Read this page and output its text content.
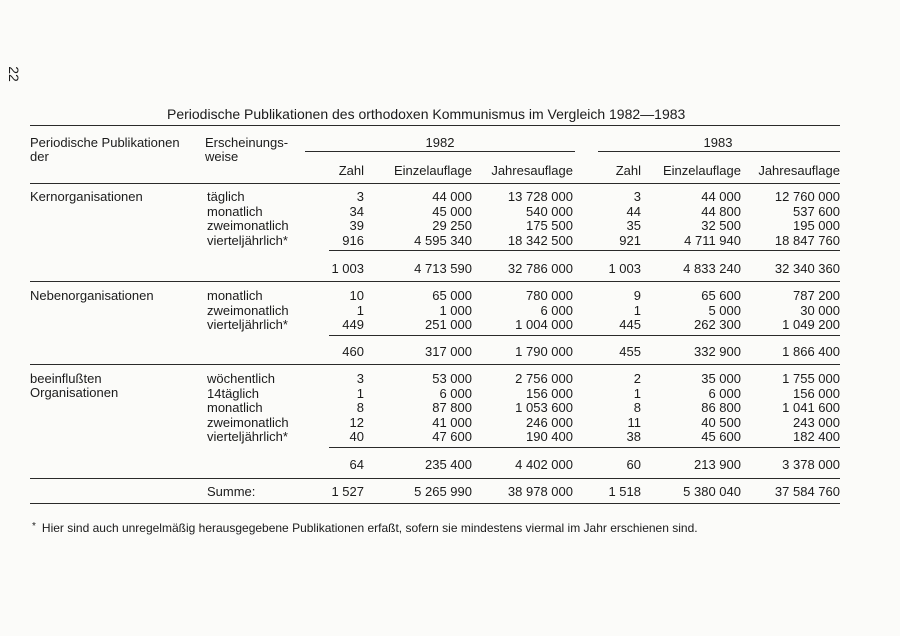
22
Periodische Publikationen des orthodoxen Kommunismus im Vergleich 1982—1983
Periodische Publikationen
der
Erscheinungs-
weise
1982	1983
Zahl Einzelauflage Jahresauflage	Zahl Einzelauflage Jahresauflage
Kernorganisationen	täglich	3	44 000	13 728 000	3	44 000	12 760 000
monatlich	34	45 000	540 000	44	44 800	537 600
zweimonatlich	39	29 250	175 500	35	32 500	195 000
vierteljährlich*	916	4 595 340	18 342 500	921	4 711 940	18 847 760
1 003	4 713 590	32 786 000	1 003	4 833 240	32 340 360
Nebenorganisationen	monatlich	10	65 000	780 000	9	65 600	787 200
zweimonatlich	1	1 000	6 000	1	5 000	30 000
vierteljährlich*	449	251 000	1 004 000	445	262 300	1 049 200
460	317 000	1 790 000	455	332 900	1 866 400
beeinflußten
Organisationen
wöchentlich	3	53 000	2 756 000	2	35 000	1 755 000
14täglich	1	6 000	156 000	1	6 000	156 000
monatlich	8	87 800	1 053 600	8	86 800	1 041 600
zweimonatlich	12	41 000	246 000	11	40 500	243 000
vierteljährlich*	40	47 600	190 400	38	45 600	182 400
64	235 400	4 402 000	60	213 900	3 378 000
Summe:	1 527	5 265 990	38 978 000	1 518	5 380 040	37 584 760
* Hier sind auch unregelmäßig herausgegebene Publikationen erfaßt, sofern sie mindestens viermal im Jahr erschienen sind.
